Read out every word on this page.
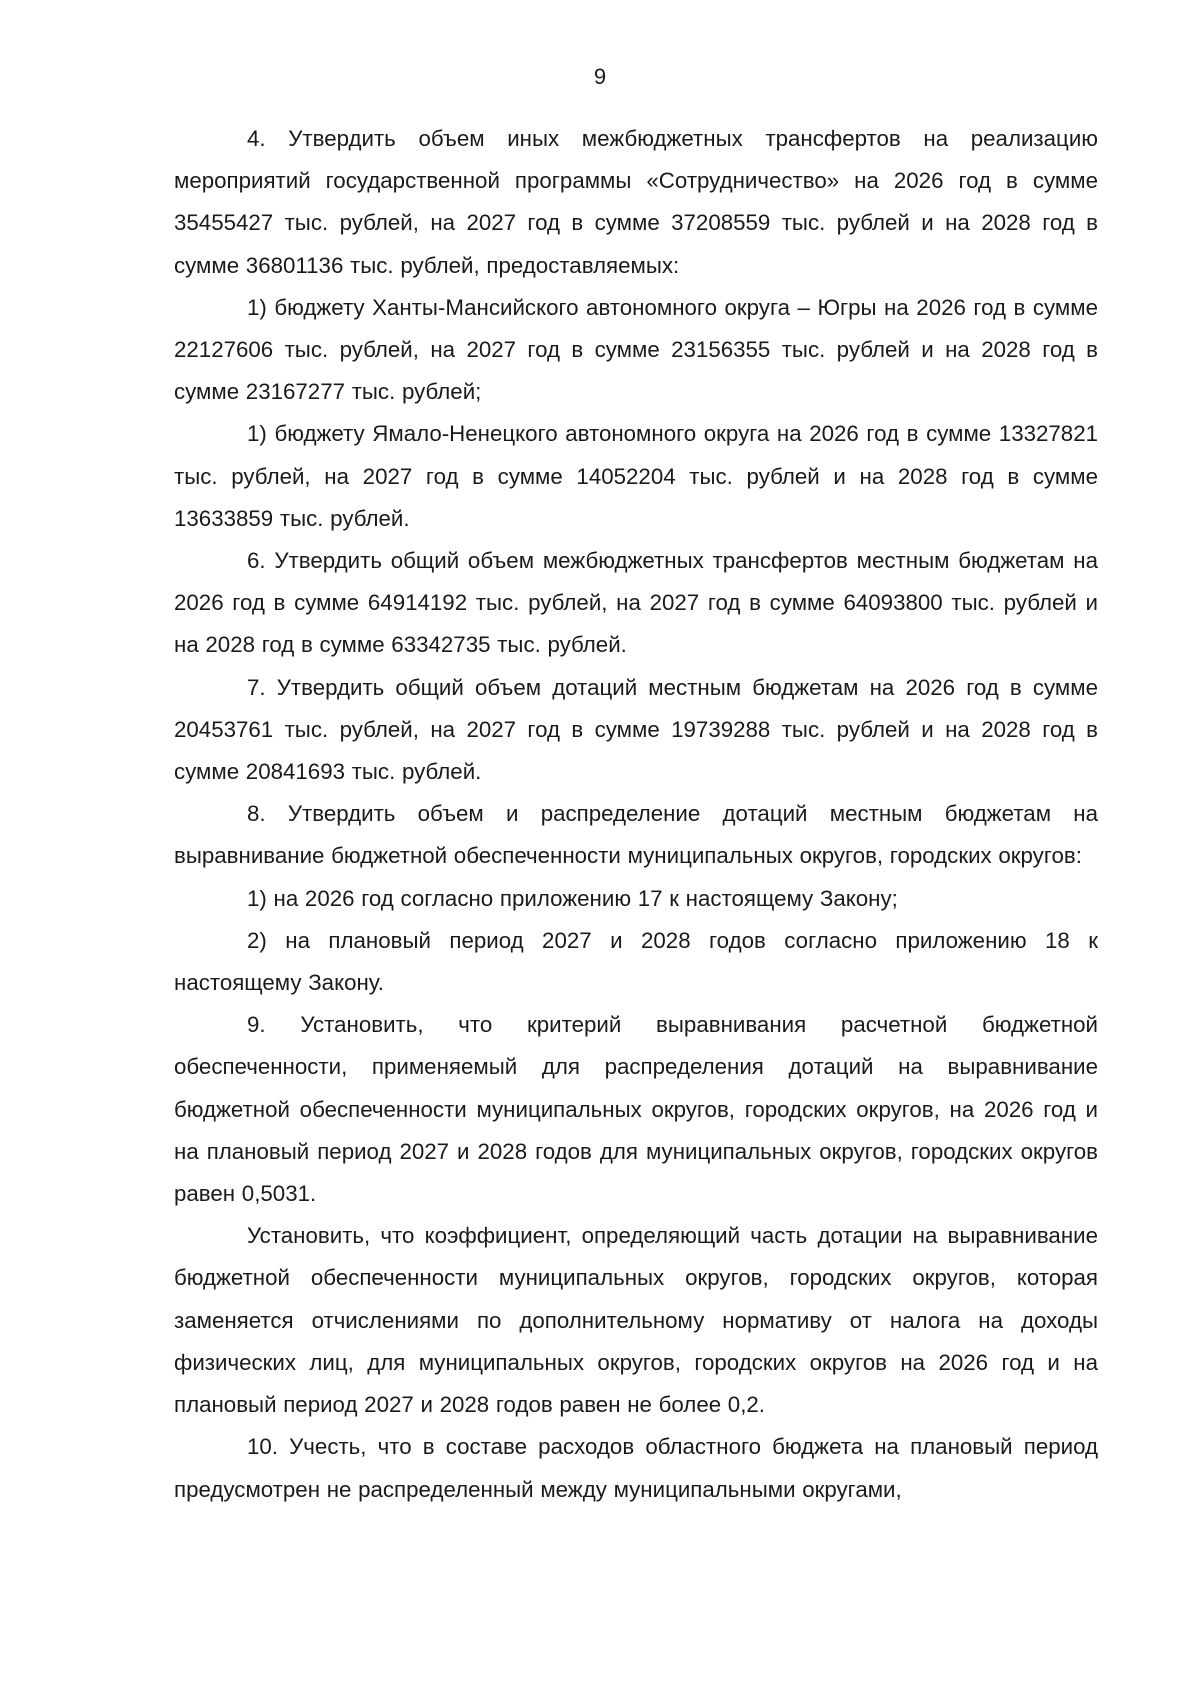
9

4. Утвердить объем иных межбюджетных трансфертов на реализацию мероприятий государственной программы «Сотрудничество» на 2026 год в сумме 35455427 тыс. рублей, на 2027 год в сумме 37208559 тыс. рублей и на 2028 год в сумме 36801136 тыс. рублей, предоставляемых:

1) бюджету Ханты-Мансийского автономного округа – Югры на 2026 год в сумме 22127606 тыс. рублей, на 2027 год в сумме 23156355 тыс. рублей и на 2028 год в сумме 23167277 тыс. рублей;

1) бюджету Ямало-Ненецкого автономного округа на 2026 год в сумме 13327821 тыс. рублей, на 2027 год в сумме 14052204 тыс. рублей и на 2028 год в сумме 13633859 тыс. рублей.

6. Утвердить общий объем межбюджетных трансфертов местным бюджетам на 2026 год в сумме 64914192 тыс. рублей, на 2027 год в сумме 64093800 тыс. рублей и на 2028 год в сумме 63342735 тыс. рублей.

7. Утвердить общий объем дотаций местным бюджетам на 2026 год в сумме 20453761 тыс. рублей, на 2027 год в сумме 19739288 тыс. рублей и на 2028 год в сумме 20841693 тыс. рублей.

8. Утвердить объем и распределение дотаций местным бюджетам на выравнивание бюджетной обеспеченности муниципальных округов, городских округов:

1) на 2026 год согласно приложению 17 к настоящему Закону;

2) на плановый период 2027 и 2028 годов согласно приложению 18 к настоящему Закону.

9. Установить, что критерий выравнивания расчетной бюджетной обеспеченности, применяемый для распределения дотаций на выравнивание бюджетной обеспеченности муниципальных округов, городских округов, на 2026 год и на плановый период 2027 и 2028 годов для муниципальных округов, городских округов равен 0,5031.

Установить, что коэффициент, определяющий часть дотации на выравнивание бюджетной обеспеченности муниципальных округов, городских округов, которая заменяется отчислениями по дополнительному нормативу от налога на доходы физических лиц, для муниципальных округов, городских округов на 2026 год и на плановый период 2027 и 2028 годов равен не более 0,2.

10. Учесть, что в составе расходов областного бюджета на плановый период предусмотрен не распределенный между муниципальными округами,
